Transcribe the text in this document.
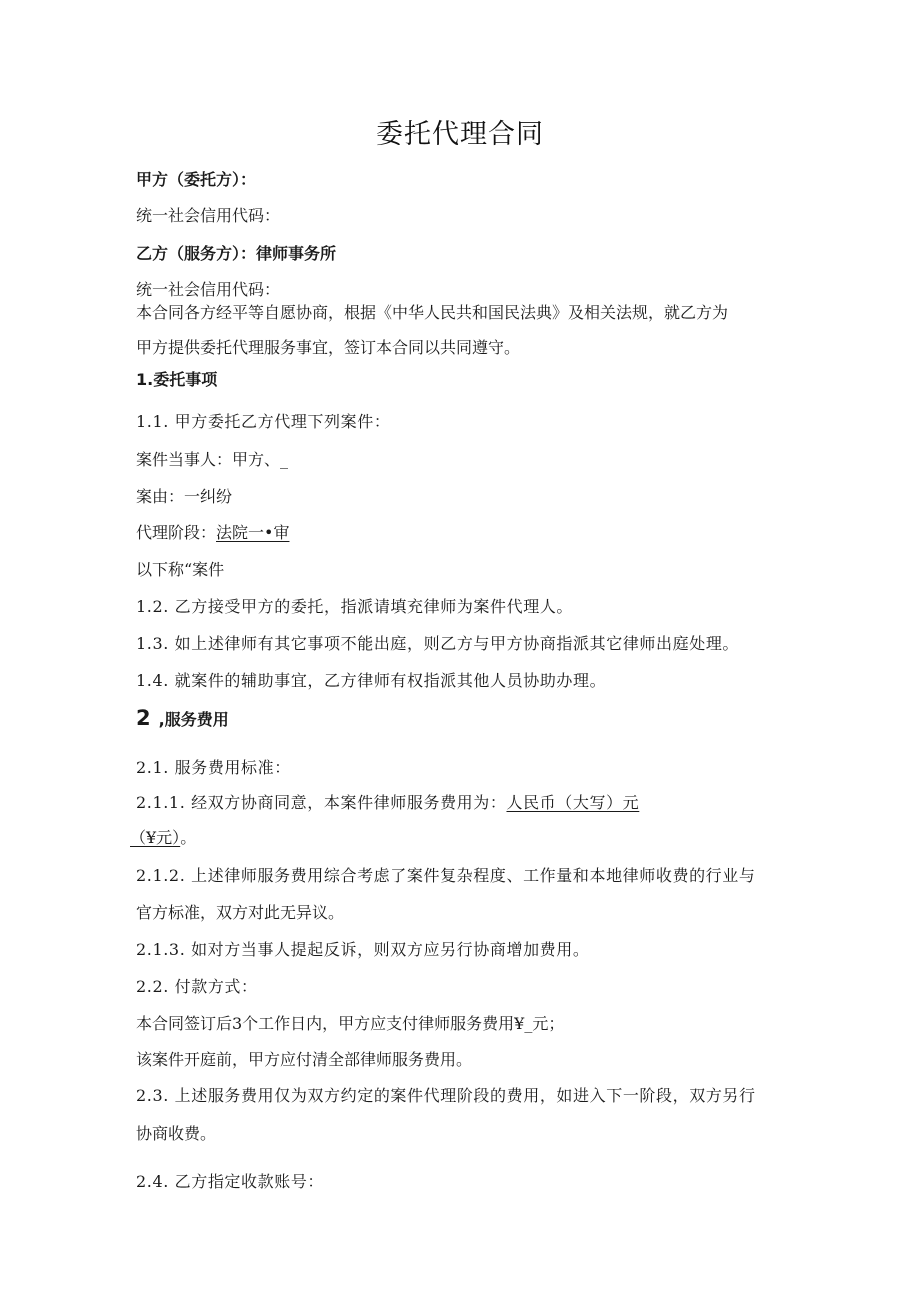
委托代理合同
甲方（委托方）：
统一社会信用代码：
乙方（服务方）：律师事务所
统一社会信用代码：
本合同各方经平等自愿协商，根据《中华人民共和国民法典》及相关法规，就乙方为
甲方提供委托代理服务事宜，签订本合同以共同遵守。
1.委托事项
1.1. 甲方委托乙方代理下列案件：
案件当事人：甲方、_
案由：一纠纷
代理阶段：法院一•审
以下称“案件
1.2. 乙方接受甲方的委托，指派请填充律师为案件代理人。
1.3. 如上述律师有其它事项不能出庭，则乙方与甲方协商指派其它律师出庭处理。
1.4. 就案件的辅助事宜，乙方律师有权指派其他人员协助办理。
2 ,服务费用
2.1. 服务费用标准：
2.1.1. 经双方协商同意，本案件律师服务费用为：人民币（大写）元
（¥元）。
2.1.2. 上述律师服务费用综合考虑了案件复杂程度、工作量和本地律师收费的行业与
官方标准，双方对此无异议。
2.1.3. 如对方当事人提起反诉，则双方应另行协商增加费用。
2.2. 付款方式：
本合同签订后3个工作日内，甲方应支付律师服务费用¥_元；
该案件开庭前，甲方应付清全部律师服务费用。
2.3. 上述服务费用仅为双方约定的案件代理阶段的费用，如进入下一阶段，双方另行
协商收费。
2.4. 乙方指定收款账号：
